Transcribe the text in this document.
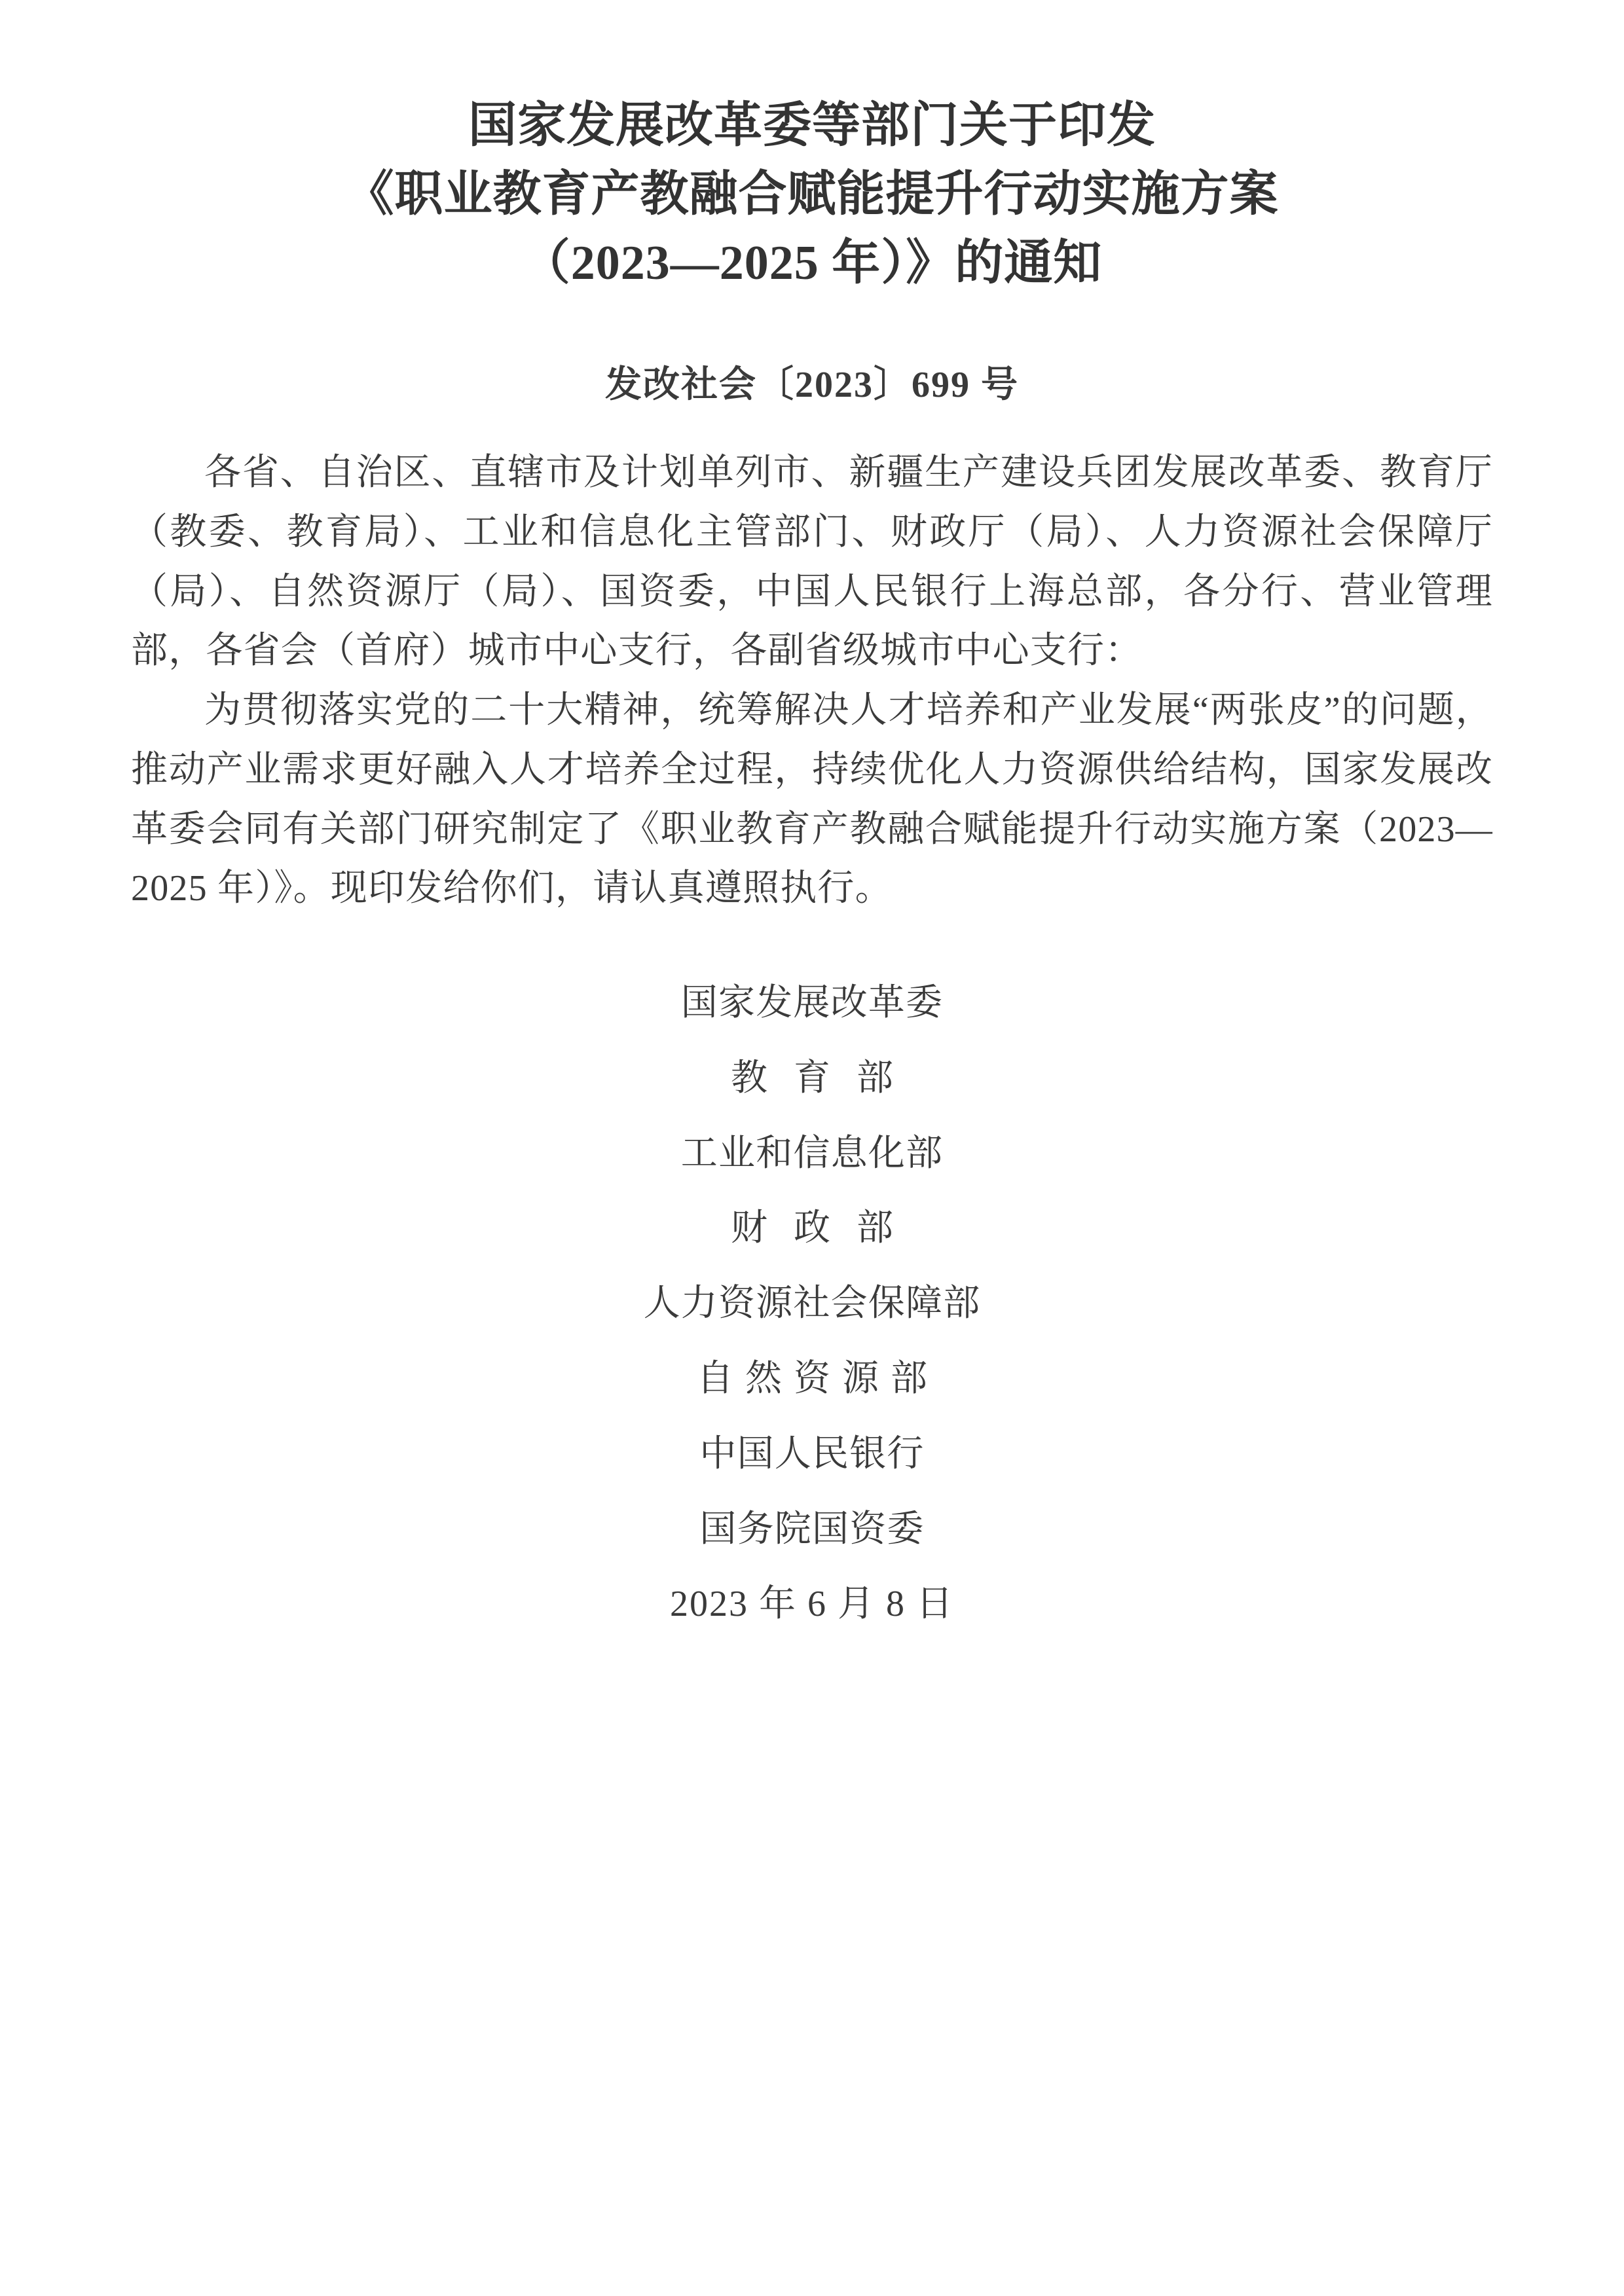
国家发展改革委等部门关于印发
《职业教育产教融合赋能提升行动实施方案
（2023—2025 年）》的通知
发改社会〔2023〕699 号

各省、自治区、直辖市及计划单列市、新疆生产建设兵团发展改革委、教育厅（教委、教育局）、工业和信息化主管部门、财政厅（局）、人力资源社会保障厅（局）、自然资源厅（局）、国资委，中国人民银行上海总部，各分行、营业管理部，各省会（首府）城市中心支行，各副省级城市中心支行：

为贯彻落实党的二十大精神，统筹解决人才培养和产业发展“两张皮”的问题，推动产业需求更好融入人才培养全过程，持续优化人力资源供给结构，国家发展改革委会同有关部门研究制定了《职业教育产教融合赋能提升行动实施方案（2023—2025 年）》。现印发给你们，请认真遵照执行。

国家发展改革委
教育部
工业和信息化部
财政部
人力资源社会保障部
自然资源部
中国人民银行
国务院国资委
2023 年 6 月 8 日
